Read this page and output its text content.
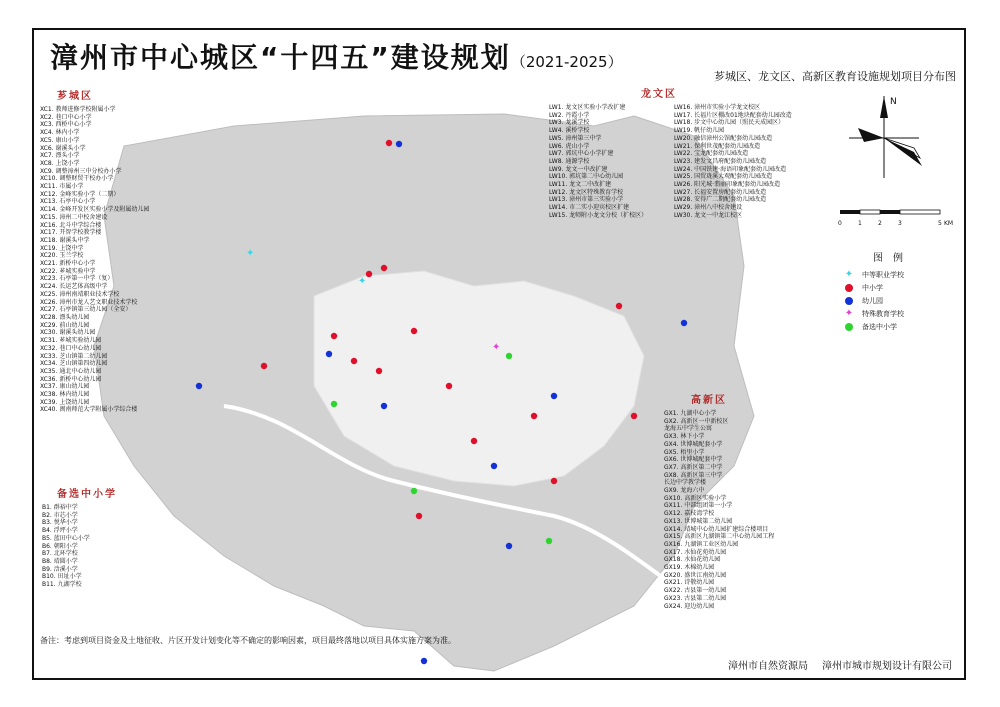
漳州市中心城区“十四五”建设规划（2021-2025）
芗城区、龙文区、高新区教育设施规划项目分布图
✦
✦
✦
N
芗城区
XC1. 教师进修学校附属小学
XC2. 巷口中心小学
XC3. 西桥中心小学
XC4. 林内小学
XC5. 康山小学
XC6. 谢溪头小学
XC7. 漂头小学
XC8. 上饶小学
XC9. 调整漳州三中分校办小学
XC10. 调整财贸干校办小学
XC11. 市属小学
XC12. 金峰实验小学（二期）
XC13. 石亭中心小学
XC14. 金峰开发区实验小学及附属幼儿园
XC15. 漳州二中校舍建设
XC16. 北斗中学综合楼
XC17. 开智学校教学楼
XC18. 谢溪头中学
XC19. 上饶中学
XC20. 玉兰学校
XC21. 新桥中心小学
XC22. 芗城实验中学
XC23. 石亭第一中学（复）
XC24. 长运艺体高级中学
XC25. 漳州南靖职业技术学校
XC26. 漳州市龙人艺文职业技术学校
XC27. 石亭镇第三幼儿园（全安）
XC28. 漂头幼儿园
XC29. 前山幼儿园
XC30. 谢溪头幼儿园
XC31. 芗城实验幼儿园
XC32. 巷口中心幼儿园
XC33. 芝山镇第二幼儿园
XC34. 芝山镇第四幼儿园
XC35. 通北中心幼儿园
XC36. 新桥中心幼儿园
XC37. 康山幼儿园
XC38. 林内幼儿园
XC39. 上饶幼儿园
XC40. 闽南师范大学附属小学综合楼
备选中小学
B1. 群裕中学
B2. 市芯小学
B3. 悦华小学
B4. 浮坪小学
B5. 蓝田中心小学
B6. 朝阳小学
B7. 北环学校
B8. 靖圆小学
B9. 浛溪小学
B10. 田址小学
B11. 九湖学校
龙文区
LW1. 龙文区实验小学改扩建
LW2. 丹霞小学
LW3. 龙溪学校
LW4. 溪桥学校
LW5. 漳州第三中学
LW6. 虎山小学
LW7. 郭坑中心小学扩建
LW8. 通源学校
LW9. 龙文一中改扩建
LW10. 郭坑第二中心幼儿园
LW11. 龙文二中改扩建
LW12. 龙文区特殊教育学校
LW13. 漳州市第三实验小学
LW14. 市二实小迎宾校区扩建
LW15. 龙师附小龙文分校（扩校区）
LW16. 漳州市实验小学龙文校区
LW17. 长福片区棚改01地块配套幼儿园改造
LW18. 步文中心幼儿园（照民天成园区）
LW19. 帆仔幼儿园
LW20. 融信漳州公馆配套幼儿园改造
LW21. 保利世茂配套幼儿园改造
LW22. 宝龙配套幼儿园改造
LW23. 建发文昌府配套幼儿园改造
LW24. 中国铁建·海语印象配套幼儿园改造
LW25. 国贸珑溪大观配套幼儿园改造
LW26. 阳光城·翡丽印象配套幼儿园改造
LW27. 长福安置房配套幼儿园改造
LW28. 安得广二期配套幼儿园改造
LW29. 漳州八中校舍建设
LW30. 龙文一中龙江校区
高新区
GX1. 九湖中心小学
GX2. 高新区一中新校区
龙海五中学生公寓
GX3. 林下小学
GX4. 世博城配套小学
GX5. 梧里小学
GX6. 世博城配套中学
GX7. 高新区第二中学
GX8. 高新区第三中学
长边中学教学楼
GX9. 龙海六中
GX10. 高新区实验小学
GX11. 中部组团第一小学
GX12. 嘉枝湾学校
GX13. 世博城第二幼儿园
GX14. 靖城中心幼儿园扩建综合楼项目
GX15. 高新区九湖镇第二中心幼儿园工程
GX16. 九湖镇工业区幼儿园
GX17. 水仙花苑幼儿园
GX18. 水仙花幼儿园
GX19. 木棉幼儿园
GX20. 盛世江南幼儿园
GX21. 诗敬幼儿园
GX22. 古县第一幼儿园
GX23. 古县第二幼儿园
GX24. 迎边幼儿园
0	1	2	3	5 KM
图例
✦ 中等职业学校
中小学
幼儿园
✦ 特殊教育学校
备选中小学
备注：考虑到项目资金及土地征收、片区开发计划变化等不确定的影响因素，项目最终落地以项目具体实施方案为准。
漳州市自然资源局 漳州市城市规划设计有限公司
